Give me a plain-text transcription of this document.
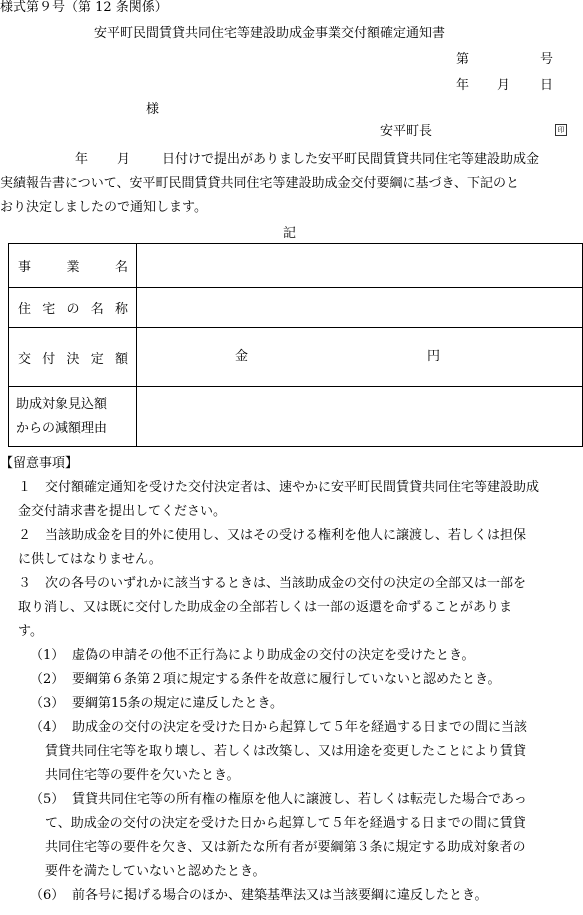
様式第９号（第 12 条関係）
安平町民間賃貸共同住宅等建設助成金事業交付額確定通知書
第	号
年 月 日
様
安平町長	印

年 月 日付けで提出がありました安平町民間賃貸共同住宅等建設助成金

実績報告書について、安平町民間賃貸共同住宅等建設助成金交付要綱に基づき、下記のと

おり決定しましたので通知します。

記
事 業 名	

住 宅 の 名 称	

交 付 決 定 額	金 円

助成対象見込額
からの減額理由	

【留意事項】
１ 交付額確定通知を受けた交付決定者は、速やかに安平町民間賃貸共同住宅等建設助成
金交付請求書を提出してください。
２ 当該助成金を目的外に使用し、又はその受ける権利を他人に譲渡し、若しくは担保
に供してはなりません。
３ 次の各号のいずれかに該当するときは、当該助成金の交付の決定の全部又は一部を
取り消し、又は既に交付した助成金の全部若しくは一部の返還を命ずることがありま
す。
（1） 虚偽の申請その他不正行為により助成金の交付の決定を受けたとき。
（2） 要綱第６条第２項に規定する条件を故意に履行していないと認めたとき。
（3） 要綱第15条の規定に違反したとき。
（4） 助成金の交付の決定を受けた日から起算して５年を経過する日までの間に当該
賃貸共同住宅等を取り壊し、若しくは改築し、又は用途を変更したことにより賃貸
共同住宅等の要件を欠いたとき。
（5） 賃貸共同住宅等の所有権の権原を他人に譲渡し、若しくは転売した場合であっ
て、助成金の交付の決定を受けた日から起算して５年を経過する日までの間に賃貸
共同住宅等の要件を欠き、又は新たな所有者が要綱第３条に規定する助成対象者の
要件を満たしていないと認めたとき。
（6） 前各号に掲げる場合のほか、建築基準法又は当該要綱に違反したとき。
